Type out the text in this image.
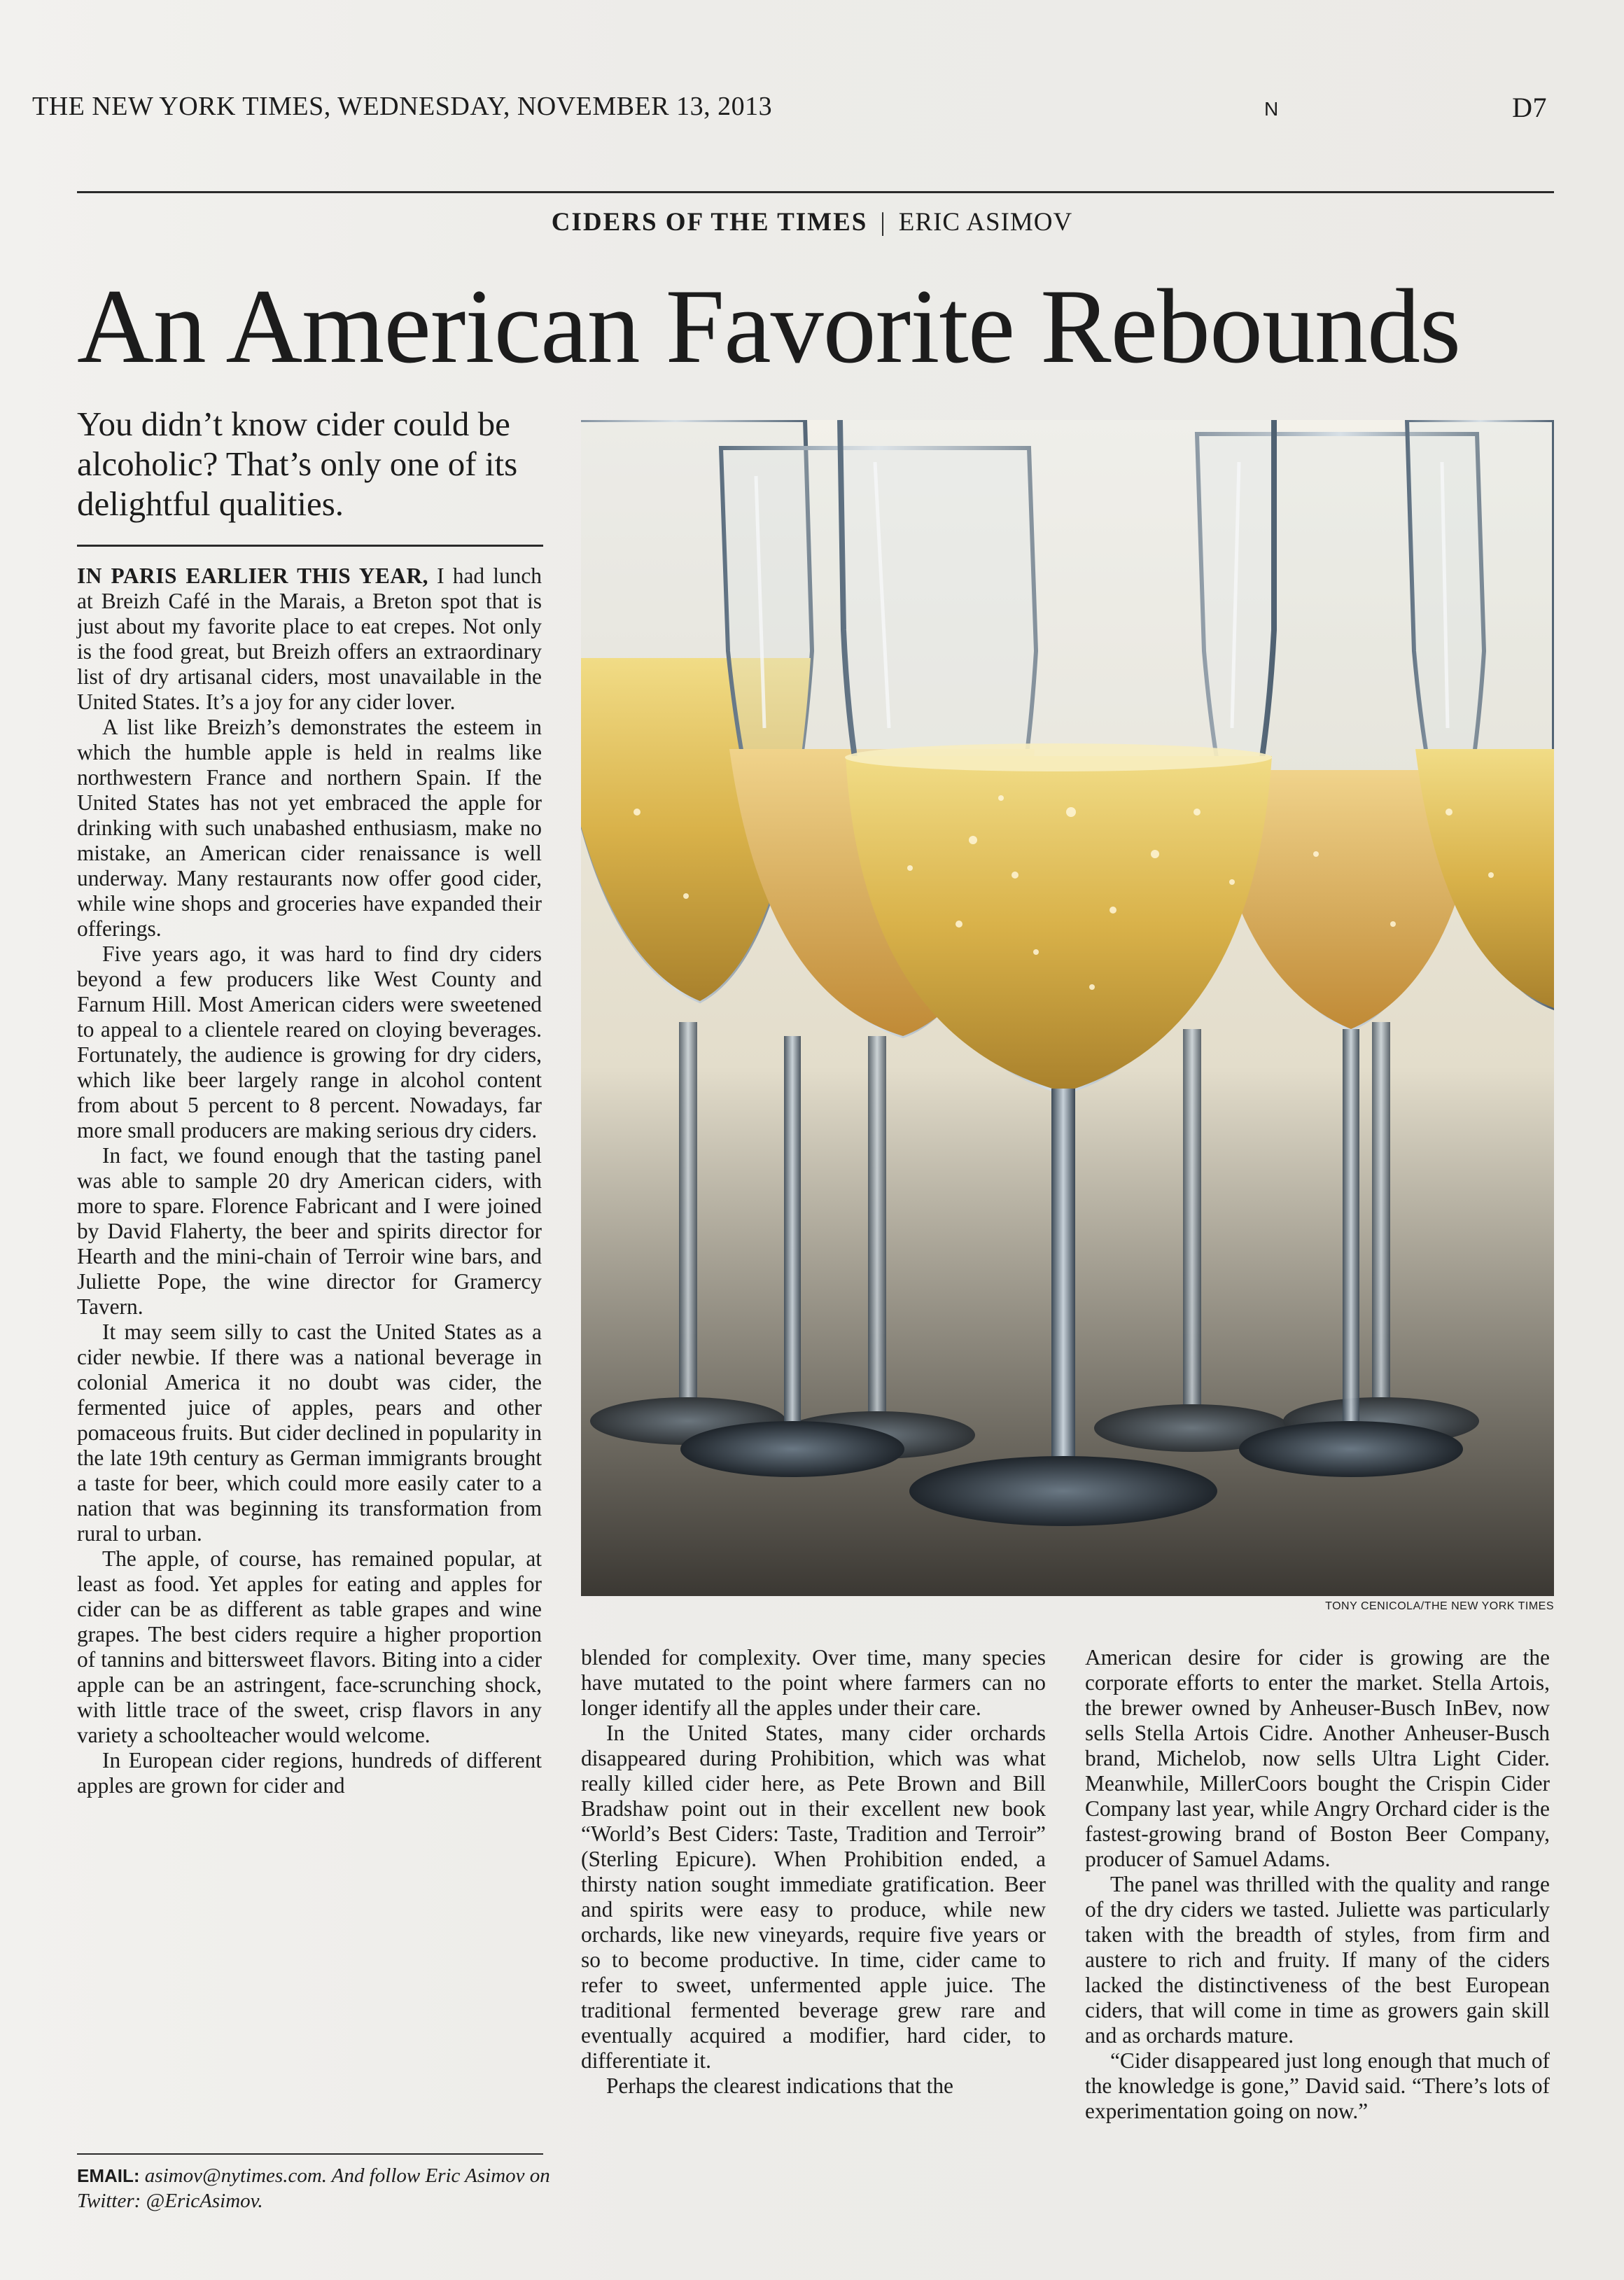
THE NEW YORK TIMES, WEDNESDAY, NOVEMBER 13, 2013	N	D7
CIDERS OF THE TIMES | ERIC ASIMOV
An American Favorite Rebounds
You didn’t know cider could be alcoholic? That’s only one of its delightful qualities.

IN PARIS EARLIER THIS YEAR, I had lunch at Breizh Café in the Marais, a Breton spot that is just about my favorite place to eat crepes. Not only is the food great, but Breizh offers an extraordinary list of dry artisanal ciders, most unavailable in the United States. It’s a joy for any cider lover.

A list like Breizh’s demonstrates the esteem in which the humble apple is held in realms like northwestern France and northern Spain. If the United States has not yet embraced the apple for drinking with such unabashed enthusiasm, make no mistake, an American cider renaissance is well underway. Many restaurants now offer good cider, while wine shops and groceries have expanded their offerings.

Five years ago, it was hard to find dry ciders beyond a few producers like West County and Farnum Hill. Most American ciders were sweetened to appeal to a clientele reared on cloying beverages. Fortunately, the audience is growing for dry ciders, which like beer largely range in alcohol content from about 5 percent to 8 percent. Nowadays, far more small producers are making serious dry ciders.

In fact, we found enough that the tasting panel was able to sample 20 dry American ciders, with more to spare. Florence Fabricant and I were joined by David Flaherty, the beer and spirits director for Hearth and the mini-chain of Terroir wine bars, and Juliette Pope, the wine director for Gramercy Tavern.

It may seem silly to cast the United States as a cider newbie. If there was a national beverage in colonial America it no doubt was cider, the fermented juice of apples, pears and other pomaceous fruits. But cider declined in popularity in the late 19th century as German immigrants brought a taste for beer, which could more easily cater to a nation that was beginning its transformation from rural to urban.

The apple, of course, has remained popular, at least as food. Yet apples for eating and apples for cider can be as different as table grapes and wine grapes. The best ciders require a higher proportion of tannins and bittersweet flavors. Biting into a cider apple can be an astringent, face-scrunching shock, with little trace of the sweet, crisp flavors in any variety a schoolteacher would welcome.

In European cider regions, hundreds of different apples are grown for cider and

EMAIL: asimov@nytimes.com. And follow Eric Asimov on Twitter: @EricAsimov.
TONY CENICOLA/THE NEW YORK TIMES

blended for complexity. Over time, many species have mutated to the point where farmers can no longer identify all the apples under their care.

In the United States, many cider orchards disappeared during Prohibition, which was what really killed cider here, as Pete Brown and Bill Bradshaw point out in their excellent new book “World’s Best Ciders: Taste, Tradition and Terroir” (Sterling Epicure). When Prohibition ended, a thirsty nation sought immediate gratification. Beer and spirits were easy to produce, while new orchards, like new vineyards, require five years or so to become productive. In time, cider came to refer to sweet, unfermented apple juice. The traditional fermented beverage grew rare and eventually acquired a modifier, hard cider, to differentiate it.

Perhaps the clearest indications that the

American desire for cider is growing are the corporate efforts to enter the market. Stella Artois, the brewer owned by Anheuser-Busch InBev, now sells Stella Artois Cidre. Another Anheuser-Busch brand, Michelob, now sells Ultra Light Cider. Meanwhile, MillerCoors bought the Crispin Cider Company last year, while Angry Orchard cider is the fastest-growing brand of Boston Beer Company, producer of Samuel Adams.

The panel was thrilled with the quality and range of the dry ciders we tasted. Juliette was particularly taken with the breadth of styles, from firm and austere to rich and fruity. If many of the ciders lacked the distinctiveness of the best European ciders, that will come in time as growers gain skill and as orchards mature.

“Cider disappeared just long enough that much of the knowledge is gone,” David said. “There’s lots of experimentation going on now.”
